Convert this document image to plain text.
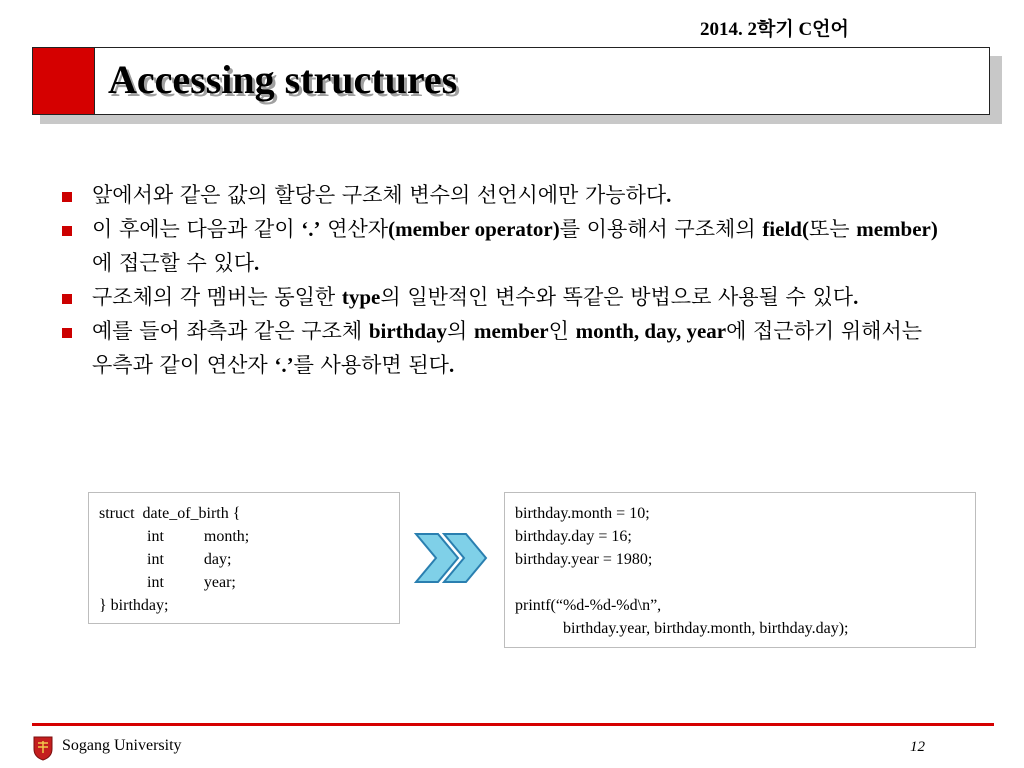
2014. 2학기 C언어
Accessing structures
앞에서와 같은 값의 할당은 구조체 변수의 선언시에만 가능하다.
이 후에는 다음과 같이 ‘.’ 연산자(member operator)를 이용해서 구조체의 field(또는 member)에 접근할 수 있다.
구조체의 각 멤버는 동일한 type의 일반적인 변수와 똑같은 방법으로 사용될 수 있다.
예를 들어 좌측과 같은 구조체 birthday의 member인 month, day, year에 접근하기 위해서는 우측과 같이 연산자 ‘.’를 사용하면 된다.
struct  date_of_birth {
int          month;
int          day;
int          year;
} birthday;
birthday.month = 10;
birthday.day = 16;
birthday.year = 1980;
printf(“%d-%d-%d\n”,
birthday.year, birthday.month, birthday.day);
Sogang University	12
